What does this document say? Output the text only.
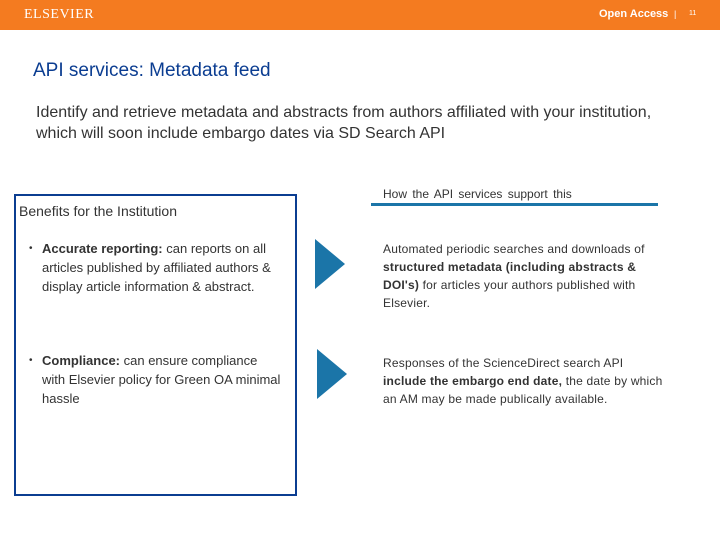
ELSEVIER	Open Access | 11
API services: Metadata feed

Identify and retrieve metadata and abstracts from authors affiliated with your institution, which will soon include embargo dates via SD Search API

Benefits for the Institution
How the API services support this
• Accurate reporting: can reports on all articles published by affiliated authors & display article information & abstract.
• Compliance: can ensure compliance with Elsevier policy for Green OA minimal hassle
Automated periodic searches and downloads of structured metadata (including abstracts & DOI's) for articles your authors published with Elsevier.
Responses of the ScienceDirect search API include the embargo end date, the date by which an AM may be made publically available.
